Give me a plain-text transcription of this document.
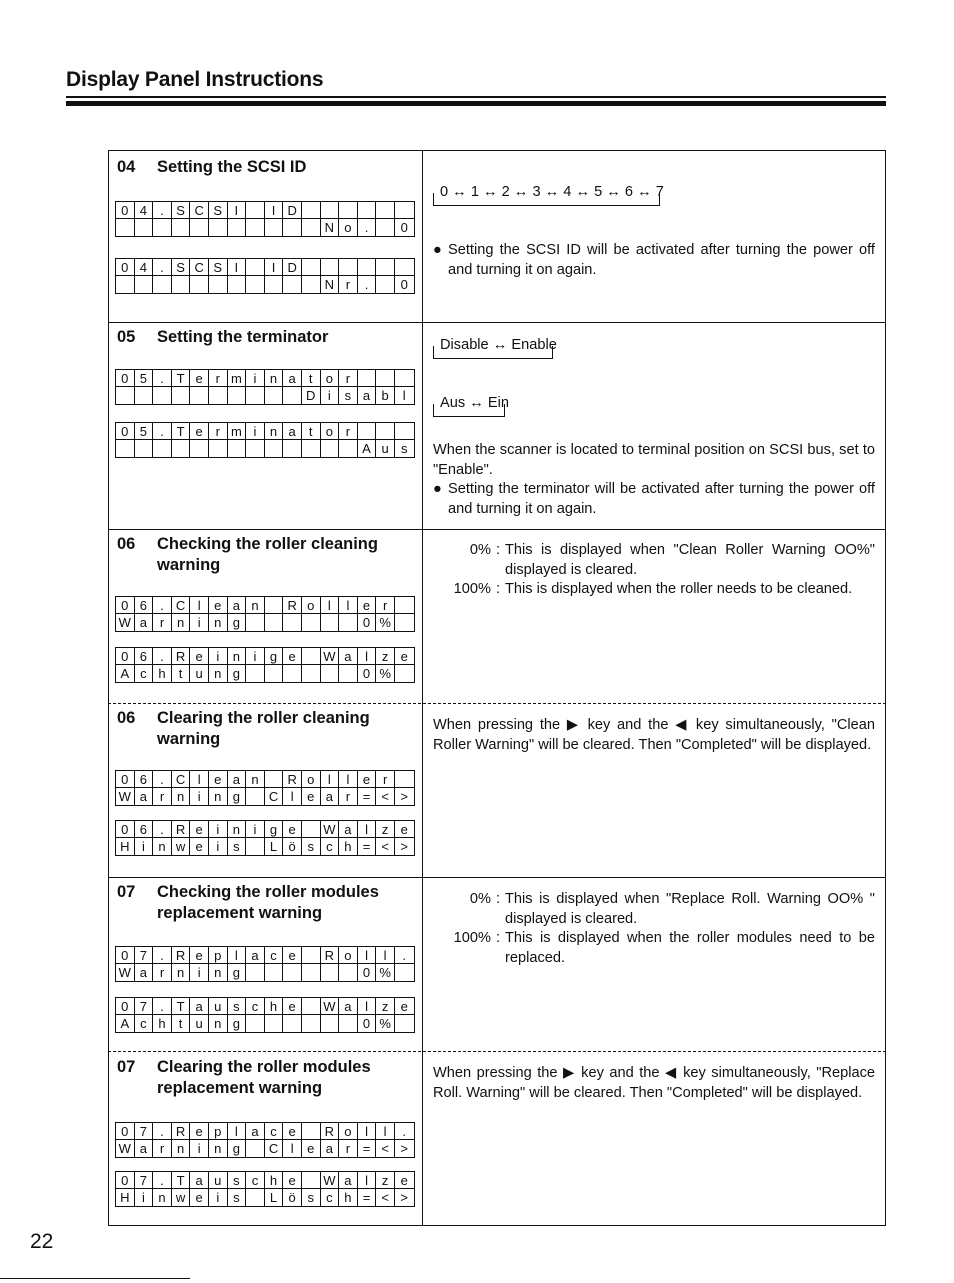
Display Panel Instructions
04 Setting the SCSI ID
0 4	. S C S I
	I D

N o	.
	0
0 4	. S C S I
	I D

N r	.
	0
0 ↔ 1 ↔ 2 ↔ 3 ↔ 4 ↔ 5 ↔ 6 ↔ 7
● Setting the SCSI ID will be activated after turning the power off and turning it on again.
05 Setting the terminator
0 5	. T e r m i	n a	t	o r

D i	s a b	l
0 5	. T e r m i	n a	t	o r

A u s
Disable ↔ Enable
Aus ↔ Ein
When the scanner is located to terminal position on SCSI bus, set to "Enable".
● Setting the terminator will be activated after turning the power off and turning it on again.
06 Checking the roller cleaning
warning
0 6	. C l	e a n
	R o	l	l	e r

W a r n	i	n g

	0 %

0 6	. R e	i	n	i	g e
	W a	l	z e
A c h	t	u n g

	0 %

0% : This is displayed when "Clean Roller Warning OO%" displayed is cleared.
100% : This is displayed when the roller needs to be cleaned.
06 Clearing the roller cleaning
warning
0 6	. C l	e a n
	R o	l	l	e r

W a r n	i	n g
	C l	e a r = < >
0 6	. R e	i	n	i	g e
	W a	l	z e
H i	n w e	i	s
	L ö s c h = < >
When pressing the ▶ key and the ◀ key simultaneously, "Clean Roller Warning" will be cleared. Then "Completed" will be displayed.
07 Checking the roller modules
replacement warning
0 7	. R e p	l	a c e
	R o	l	l	.
W a r n	i	n g

	0 %

0 7	. T a u s c h e
	W a	l	z e
A c h	t	u n g

	0 %

0% : This is displayed when "Replace Roll. Warning OO% " displayed is cleared.
100% : This is displayed when the roller modules need to be replaced.
07 Clearing the roller modules
replacement warning
0 7	. R e p	l	a c e
	R o	l	l	.
W a r n	i	n g
	C l	e a r = < >
0 7	. T a u s c h e
	W a	l	z e
H i	n w e	i	s
	L ö s c h = < >
When pressing the ▶ key and the ◀ key simultaneously, "Replace Roll. Warning" will be cleared. Then "Completed" will be displayed.
22
